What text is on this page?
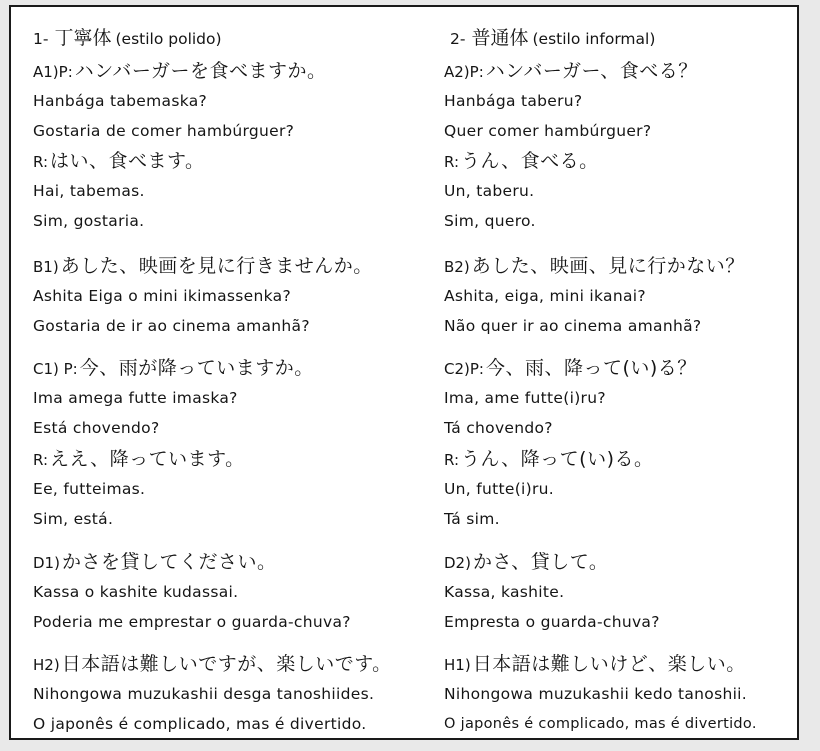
1- 丁寧体 (estilo polido)
A1)P: ハンバーガーを食べますか。
Hanbága tabemaska?
Gostaria de comer hambúrguer?
R: はい、食べます。
Hai, tabemas.
Sim, gostaria.
B1) あした、映画を見に行きませんか。
Ashita Eiga o mini ikimassenka?
Gostaria de ir ao cinema amanhã?
C1) P: 今、雨が降っていますか。
Ima amega futte imaska?
Está chovendo?
R: ええ、降っています。
Ee, futteimas.
Sim, está.
D1) かさを貸してください。
Kassa o kashite kudassai.
Poderia me emprestar o guarda-chuva?
H2) 日本語は難しいですが、楽しいです。
Nihongowa muzukashii desga tanoshiides.
O japonês é complicado, mas é divertido.
2- 普通体 (estilo informal)
A2)P: ハンバーガー、食べる？
Hanbága taberu?
Quer comer hambúrguer?
R: うん、食べる。
Un, taberu.
Sim, quero.
B2) あした、映画、見に行かない？
Ashita, eiga, mini ikanai?
Não quer ir ao cinema amanhã?
C2)P: 今、雨、降って(い)る？
Ima, ame futte(i)ru?
Tá chovendo?
R: うん、降って(い)る。
Un, futte(i)ru.
Tá sim.
D2) かさ、貸して。
Kassa, kashite.
Empresta o guarda-chuva?
H1) 日本語は難しいけど、楽しい。
Nihongowa muzukashii kedo tanoshii.
O japonês é complicado, mas é divertido.
